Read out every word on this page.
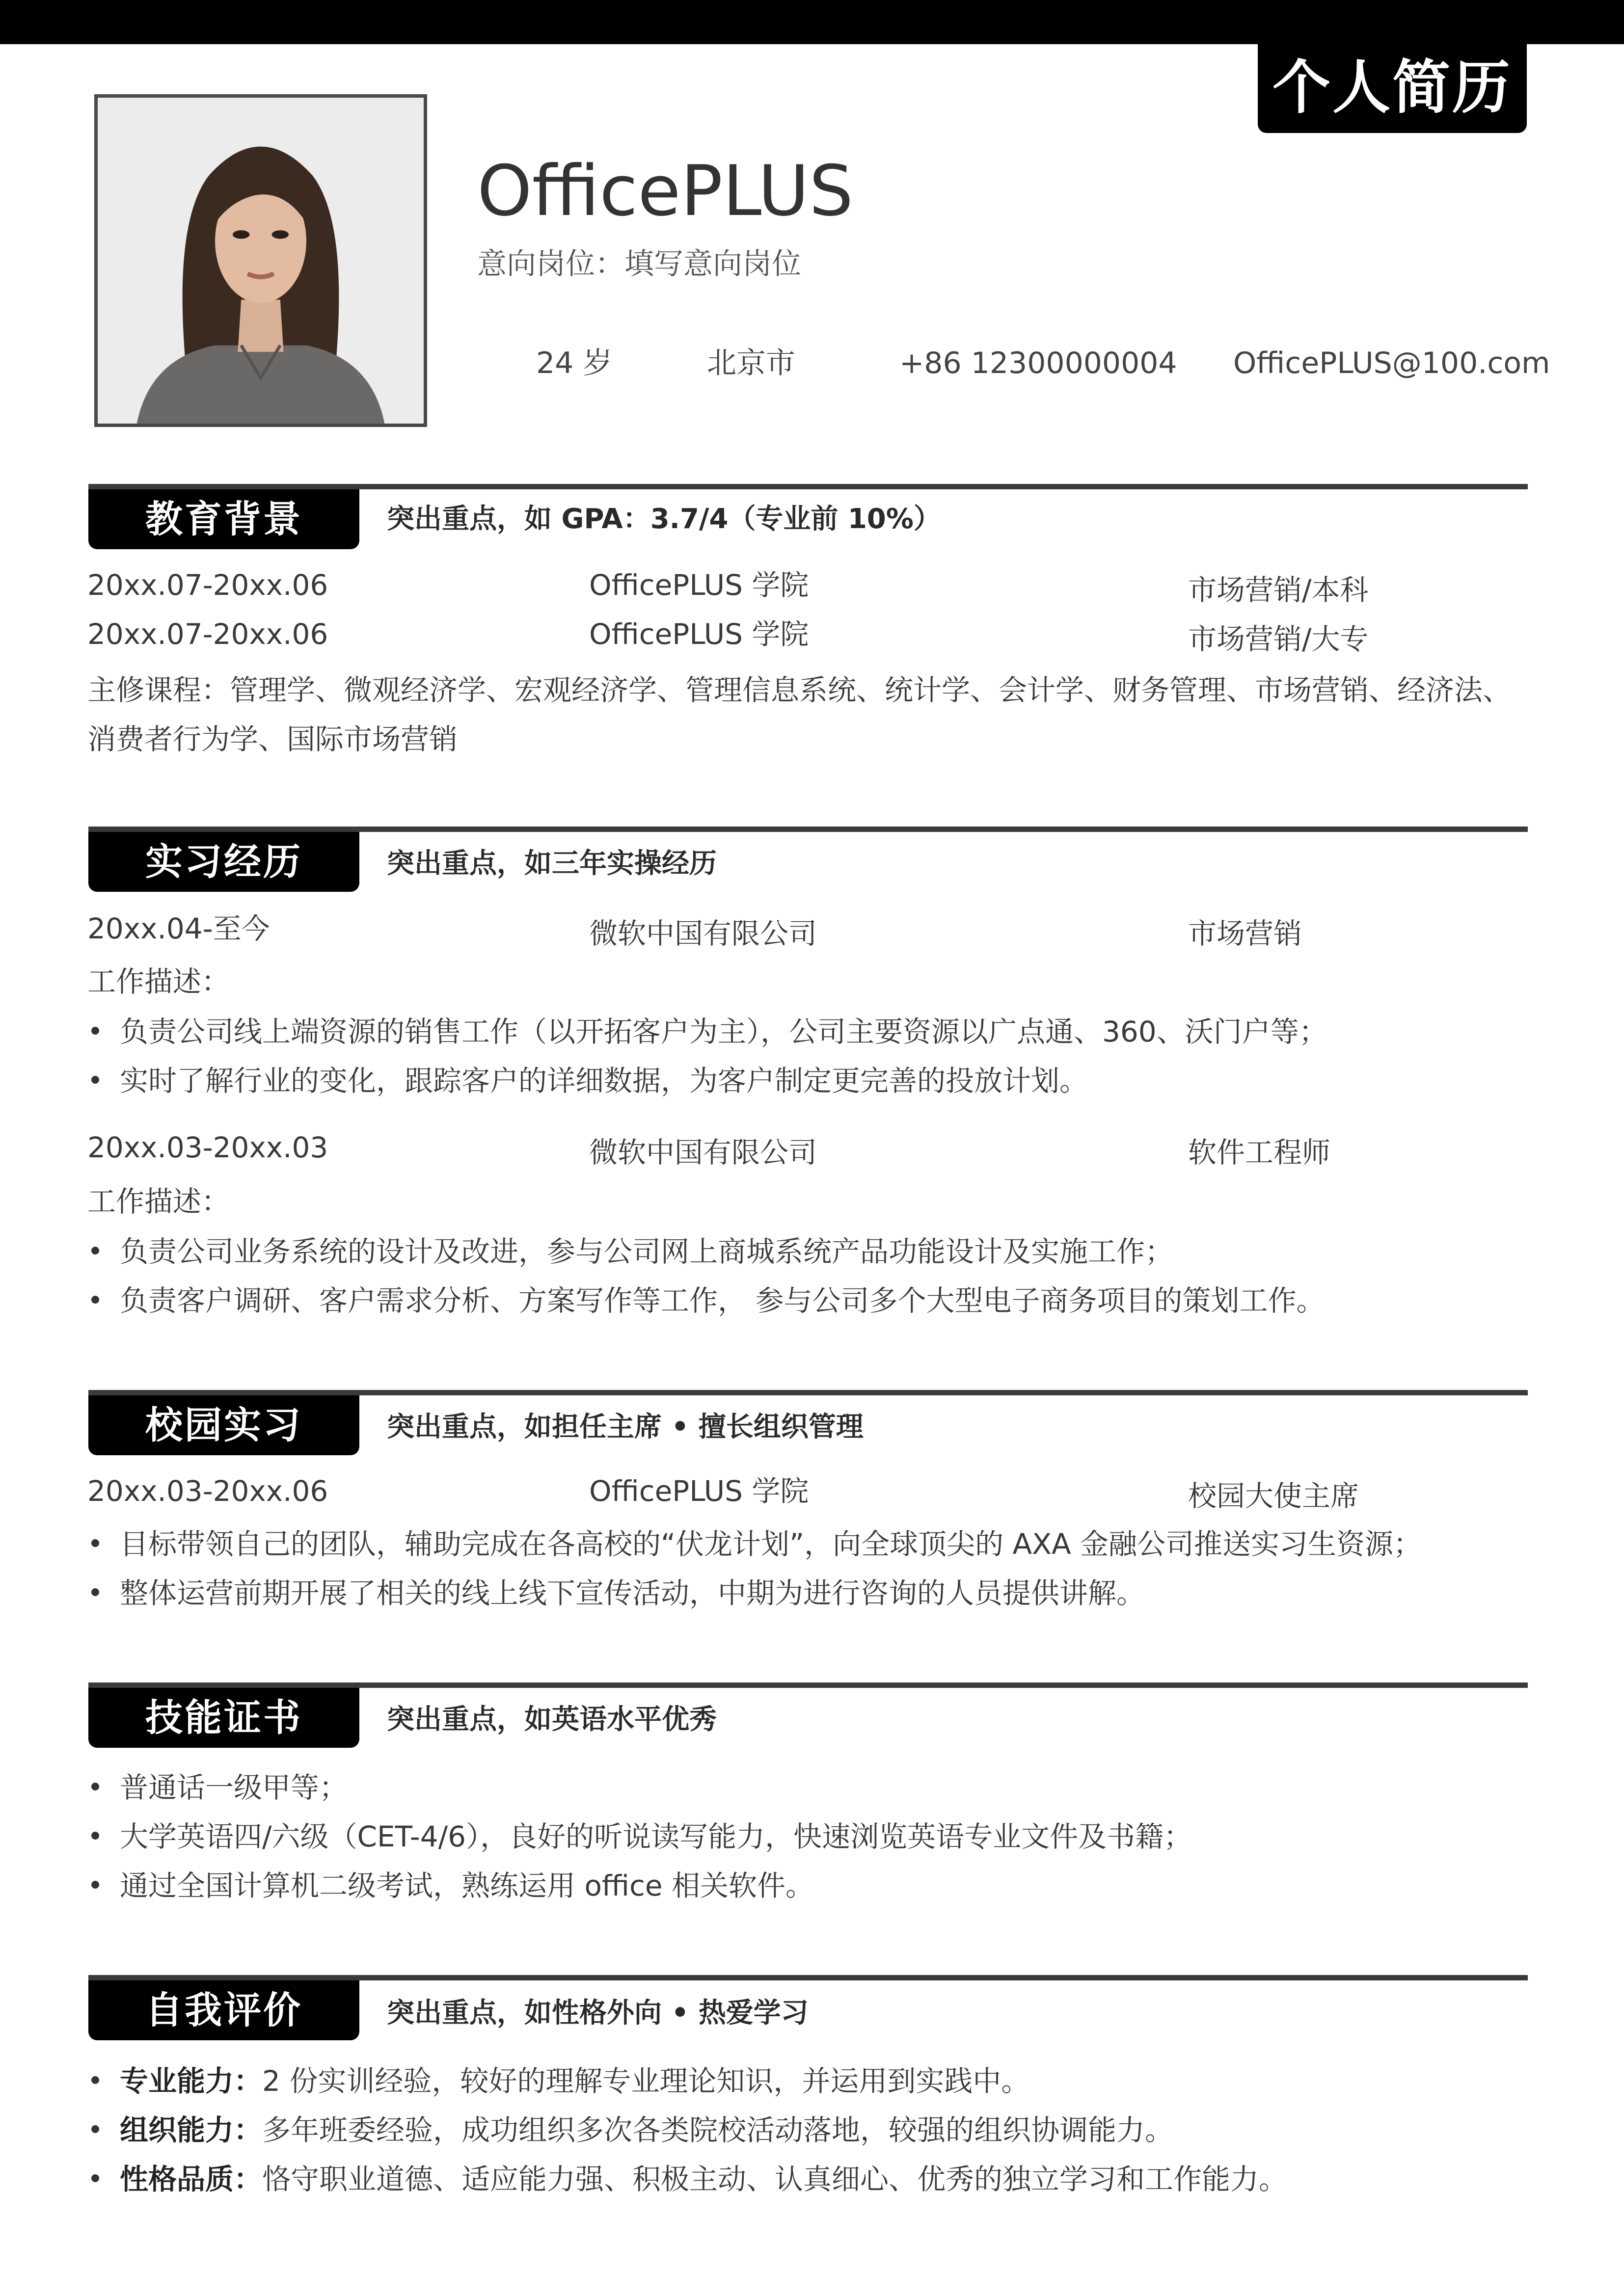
个人简历
OfficePLUS
意向岗位：填写意向岗位
24 岁	北京市	+86 12300000004 OfficePLUS@100.com
教育背景	突出重点，如 GPA：3.7/4（专业前 10%）
20xx.07-20xx.06	OfficePLUS 学院	市场营销/本科
20xx.07-20xx.06	OfficePLUS 学院	市场营销/大专
主修课程：管理学、微观经济学、宏观经济学、管理信息系统、统计学、会计学、财务管理、市场营销、经济法、消费者行为学、国际市场营销
实习经历	突出重点，如三年实操经历
20xx.04-至今	微软中国有限公司	市场营销
工作描述：
负责公司线上端资源的销售工作（以开拓客户为主），公司主要资源以广点通、360、沃门户等；
实时了解行业的变化，跟踪客户的详细数据，为客户制定更完善的投放计划。
20xx.03-20xx.03	微软中国有限公司	软件工程师
工作描述：
负责公司业务系统的设计及改进，参与公司网上商城系统产品功能设计及实施工作；
负责客户调研、客户需求分析、方案写作等工作， 参与公司多个大型电子商务项目的策划工作。
校园实习	突出重点，如担任主席 • 擅长组织管理
20xx.03-20xx.06	OfficePLUS 学院	校园大使主席
目标带领自己的团队，辅助完成在各高校的“伏龙计划”，向全球顶尖的 AXA 金融公司推送实习生资源；
整体运营前期开展了相关的线上线下宣传活动，中期为进行咨询的人员提供讲解。
技能证书	突出重点，如英语水平优秀
普通话一级甲等；
大学英语四/六级（CET-4/6），良好的听说读写能力，快速浏览英语专业文件及书籍；
通过全国计算机二级考试，熟练运用 office 相关软件。
自我评价	突出重点，如性格外向 • 热爱学习
专业能力：2 份实训经验，较好的理解专业理论知识，并运用到实践中。
组织能力：多年班委经验，成功组织多次各类院校活动落地，较强的组织协调能力。
性格品质：恪守职业道德、适应能力强、积极主动、认真细心、优秀的独立学习和工作能力。
